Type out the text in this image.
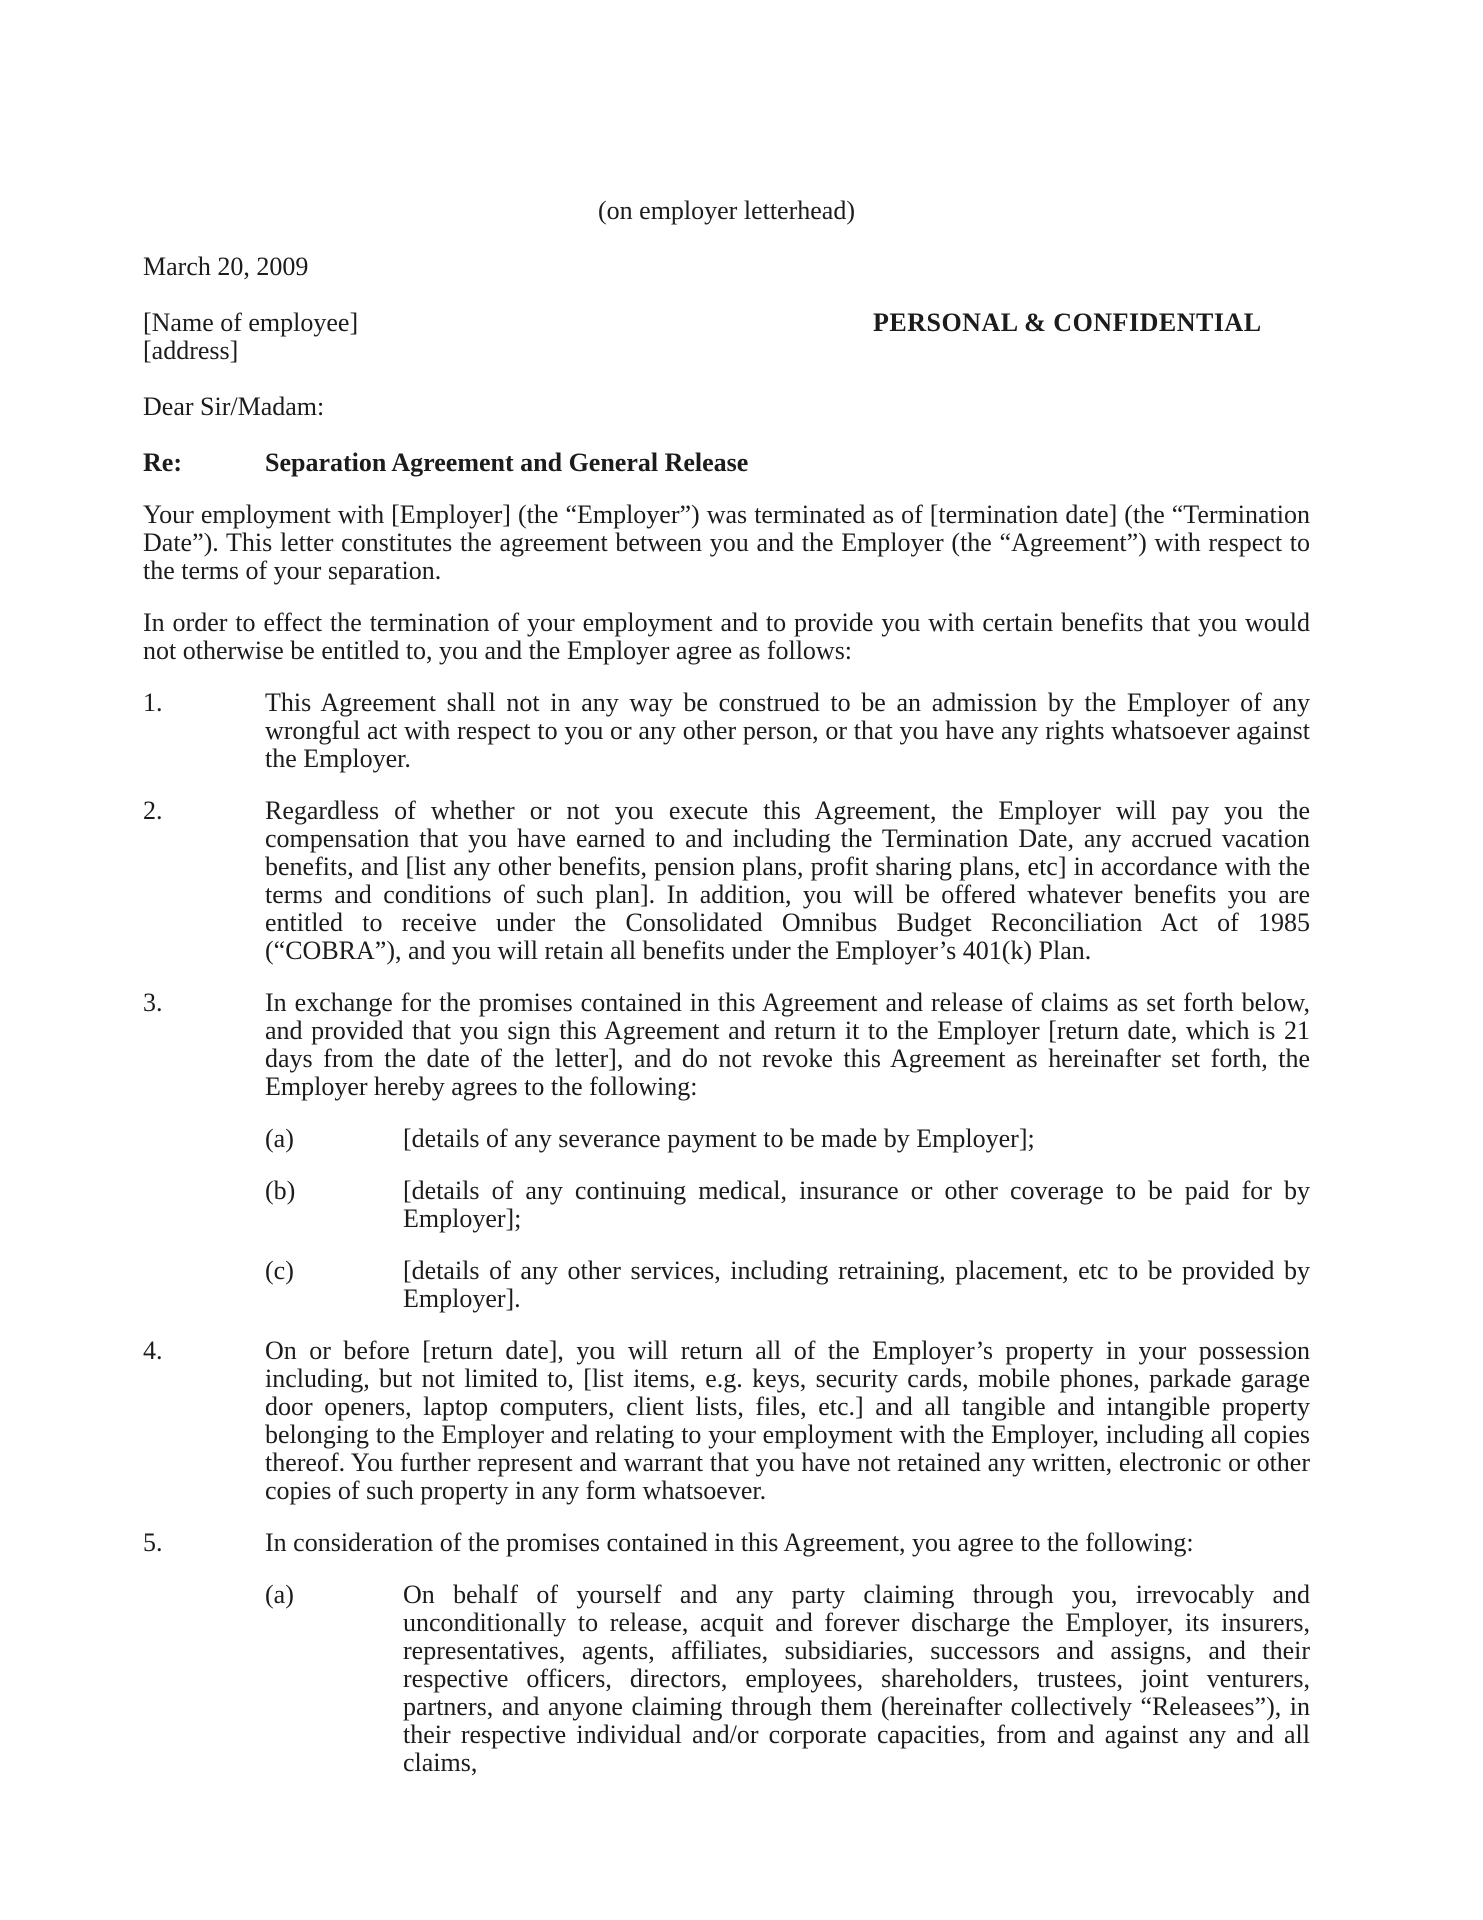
(on employer letterhead)
March 20, 2009
[Name of employee]
[address]
PERSONAL & CONFIDENTIAL
Dear Sir/Madam:
Re:	Separation Agreement and General Release
Your employment with [Employer] (the “Employer”) was terminated as of [termination date] (the “Termination Date”). This letter constitutes the agreement between you and the Employer (the “Agreement”) with respect to the terms of your separation.
In order to effect the termination of your employment and to provide you with certain benefits that you would not otherwise be entitled to, you and the Employer agree as follows:
1.	This Agreement shall not in any way be construed to be an admission by the Employer of any wrongful act with respect to you or any other person, or that you have any rights whatsoever against the Employer.
2.	Regardless of whether or not you execute this Agreement, the Employer will pay you the compensation that you have earned to and including the Termination Date, any accrued vacation benefits, and [list any other benefits, pension plans, profit sharing plans, etc] in accordance with the terms and conditions of such plan]. In addition, you will be offered whatever benefits you are entitled to receive under the Consolidated Omnibus Budget Reconciliation Act of 1985 (“COBRA”), and you will retain all benefits under the Employer’s 401(k) Plan.
3.	In exchange for the promises contained in this Agreement and release of claims as set forth below, and provided that you sign this Agreement and return it to the Employer [return date, which is 21 days from the date of the letter], and do not revoke this Agreement as hereinafter set forth, the Employer hereby agrees to the following:
(a)	[details of any severance payment to be made by Employer];
(b)	[details of any continuing medical, insurance or other coverage to be paid for by Employer];
(c)	[details of any other services, including retraining, placement, etc to be provided by Employer].
4.	On or before [return date], you will return all of the Employer’s property in your possession including, but not limited to, [list items, e.g. keys, security cards, mobile phones, parkade garage door openers, laptop computers, client lists, files, etc.] and all tangible and intangible property belonging to the Employer and relating to your employment with the Employer, including all copies thereof. You further represent and warrant that you have not retained any written, electronic or other copies of such property in any form whatsoever.
5.	In consideration of the promises contained in this Agreement, you agree to the following:
(a)	On behalf of yourself and any party claiming through you, irrevocably and unconditionally to release, acquit and forever discharge the Employer, its insurers, representatives, agents, affiliates, subsidiaries, successors and assigns, and their respective officers, directors, employees, shareholders, trustees, joint venturers, partners, and anyone claiming through them (hereinafter collectively “Releasees”), in their respective individual and/or corporate capacities, from and against any and all claims,
